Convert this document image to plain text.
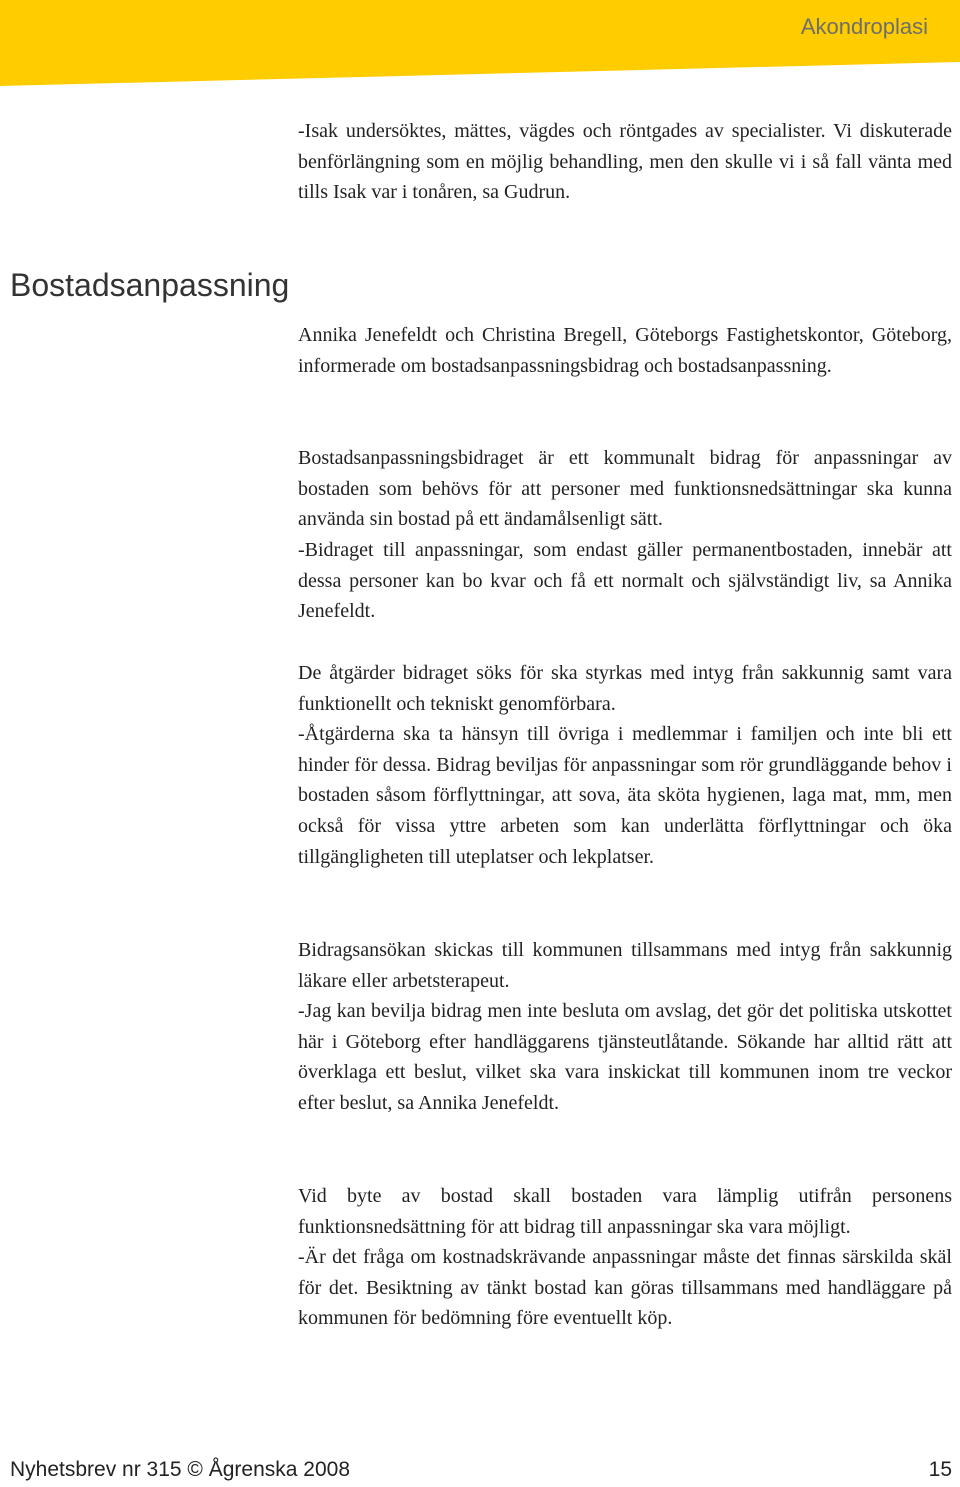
Akondroplasi

-Isak undersöktes, mättes, vägdes och röntgades av specialister. Vi diskuterade benförlängning som en möjlig behandling, men den skulle vi i så fall vänta med tills Isak var i tonåren, sa Gudrun.

Bostadsanpassning

Annika Jenefeldt och Christina Bregell, Göteborgs Fastighetskontor, Göteborg, informerade om bostadsanpassningsbidrag och bostadsanpassning.

Bostadsanpassningsbidraget är ett kommunalt bidrag för anpassningar av bostaden som behövs för att personer med funktionsnedsättningar ska kunna använda sin bostad på ett ändamålsenligt sätt.

-Bidraget till anpassningar, som endast gäller permanentbostaden, innebär att dessa personer kan bo kvar och få ett normalt och självständigt liv, sa Annika Jenefeldt.

De åtgärder bidraget söks för ska styrkas med intyg från sakkunnig samt vara funktionellt och tekniskt genomförbara.

-Åtgärderna ska ta hänsyn till övriga i medlemmar i familjen och inte bli ett hinder för dessa. Bidrag beviljas för anpassningar som rör grundläggande behov i bostaden såsom förflyttningar, att sova, äta sköta hygienen, laga mat, mm, men också för vissa yttre arbeten som kan underlätta förflyttningar och öka tillgängligheten till uteplatser och lekplatser.

Bidragsansökan skickas till kommunen tillsammans med intyg från sakkunnig läkare eller arbetsterapeut.

-Jag kan bevilja bidrag men inte besluta om avslag, det gör det politiska utskottet här i Göteborg efter handläggarens tjänsteutlåtande. Sökande har alltid rätt att överklaga ett beslut, vilket ska vara inskickat till kommunen inom tre veckor efter beslut, sa Annika Jenefeldt.

Vid byte av bostad skall bostaden vara lämplig utifrån personens funktionsnedsättning för att bidrag till anpassningar ska vara möjligt.

-Är det fråga om kostnadskrävande anpassningar måste det finnas särskilda skäl för det. Besiktning av tänkt bostad kan göras tillsammans med handläggare på kommunen för bedömning före eventuellt köp.

Nyhetsbrev nr 315 © Ågrenska 2008	15
